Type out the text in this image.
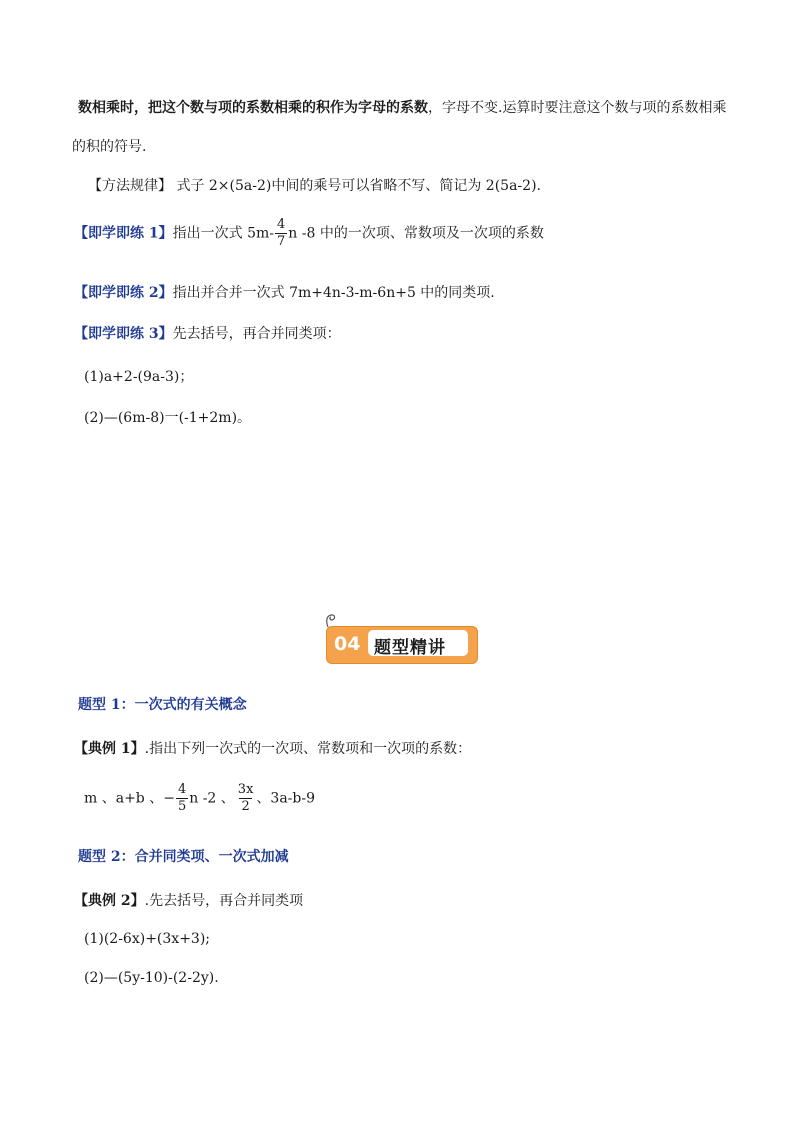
数相乘时，把这个数与项的系数相乘的积作为字母的系数，字母不变.运算时要注意这个数与项的系数相乘
的积的符号.
【方法规律】 式子 2×(5a-2)中间的乘号可以省略不写、简记为 2(5a-2).
【即学即练 1】指出一次式 $5m- \frac{4}{7}$ n -8 中的一次项、常数项及一次项的系数
【即学即练 2】指出并合并一次式 7m+4n-3-m-6n+5 中的同类项.
【即学即练 3】先去括号，再合并同类项：
(1)a+2-(9a-3)；
(2)—(6m-8)一(-1+2m)。
04 题型精讲
题型 1：一次式的有关概念
【典例 1】.指出下列一次式的一次项、常数项和一次项的系数：
m 、a+b 、− $\frac{4}{5}$ n -2 、 $\frac{3x}{2}$ 、3a-b-9
题型 2：合并同类项、一次式加减
【典例 2】.先去括号，再合并同类项
(1)(2-6x)+(3x+3);
(2)—(5y-10)-(2-2y).
